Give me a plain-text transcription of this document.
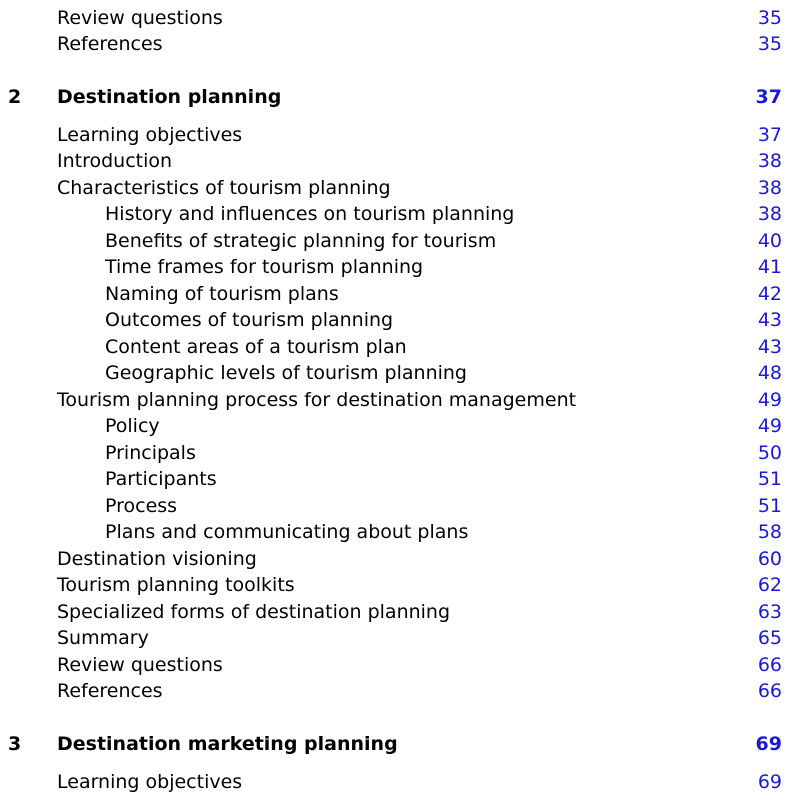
Review questions	35
References	35
2 Destination planning	37
Learning objectives	37
Introduction	38
Characteristics of tourism planning	38
History and influences on tourism planning	38
Benefits of strategic planning for tourism	40
Time frames for tourism planning	41
Naming of tourism plans	42
Outcomes of tourism planning	43
Content areas of a tourism plan	43
Geographic levels of tourism planning	48
Tourism planning process for destination management	49
Policy	49
Principals	50
Participants	51
Process	51
Plans and communicating about plans	58
Destination visioning	60
Tourism planning toolkits	62
Specialized forms of destination planning	63
Summary	65
Review questions	66
References	66
3 Destination marketing planning	69
Learning objectives	69
